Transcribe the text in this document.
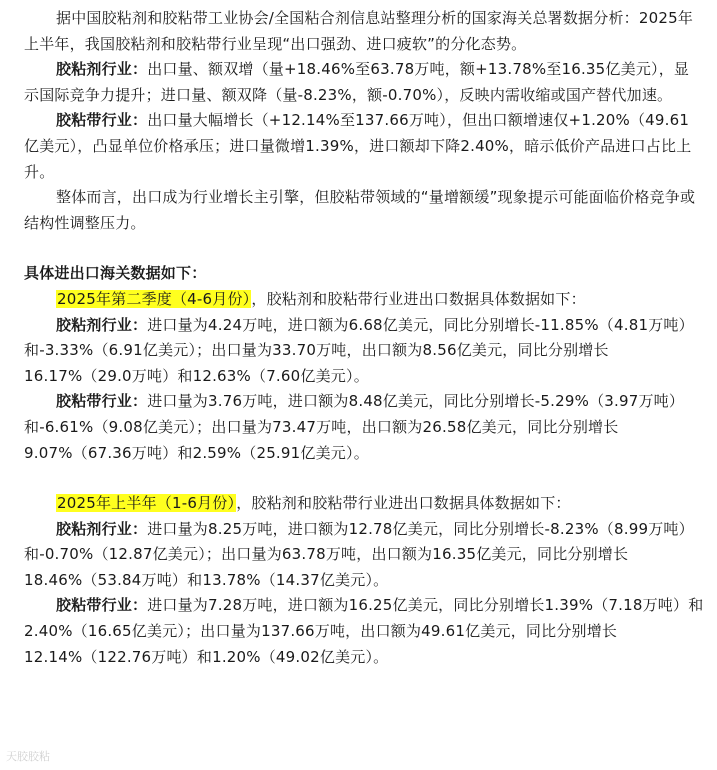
据中国胶粘剂和胶粘带工业协会/全国粘合剂信息站整理分析的国家海关总署数据分析：2025年上半年，我国胶粘剂和胶粘带行业呈现“出口强劲、进口疲软”的分化态势。

胶粘剂行业：出口量、额双增（量+18.46%至63.78万吨，额+13.78%至16.35亿美元），显示国际竞争力提升；进口量、额双降（量-8.23%，额-0.70%），反映内需收缩或国产替代加速。

胶粘带行业：出口量大幅增长（+12.14%至137.66万吨），但出口额增速仅+1.20%（49.61亿美元），凸显单位价格承压；进口量微增1.39%，进口额却下降2.40%，暗示低价产品进口占比上升。

整体而言，出口成为行业增长主引擎，但胶粘带领域的“量增额缓”现象提示可能面临价格竞争或结构性调整压力。

具体进出口海关数据如下：

2025年第二季度（4-6月份），胶粘剂和胶粘带行业进出口数据具体数据如下：

胶粘剂行业：进口量为4.24万吨，进口额为6.68亿美元，同比分别增长-11.85%（4.81万吨）和-3.33%（6.91亿美元）；出口量为33.70万吨，出口额为8.56亿美元，同比分别增长16.17%（29.0万吨）和12.63%（7.60亿美元）。

胶粘带行业：进口量为3.76万吨，进口额为8.48亿美元，同比分别增长-5.29%（3.97万吨）和-6.61%（9.08亿美元）；出口量为73.47万吨，出口额为26.58亿美元，同比分别增长9.07%（67.36万吨）和2.59%（25.91亿美元）。

2025年上半年（1-6月份），胶粘剂和胶粘带行业进出口数据具体数据如下：

胶粘剂行业：进口量为8.25万吨，进口额为12.78亿美元，同比分别增长-8.23%（8.99万吨）和-0.70%（12.87亿美元）；出口量为63.78万吨，出口额为16.35亿美元，同比分别增长18.46%（53.84万吨）和13.78%（14.37亿美元）。

胶粘带行业：进口量为7.28万吨，进口额为16.25亿美元，同比分别增长1.39%（7.18万吨）和2.40%（16.65亿美元）；出口量为137.66万吨，出口额为49.61亿美元，同比分别增长12.14%（122.76万吨）和1.20%（49.02亿美元）。

天胶胶粘
